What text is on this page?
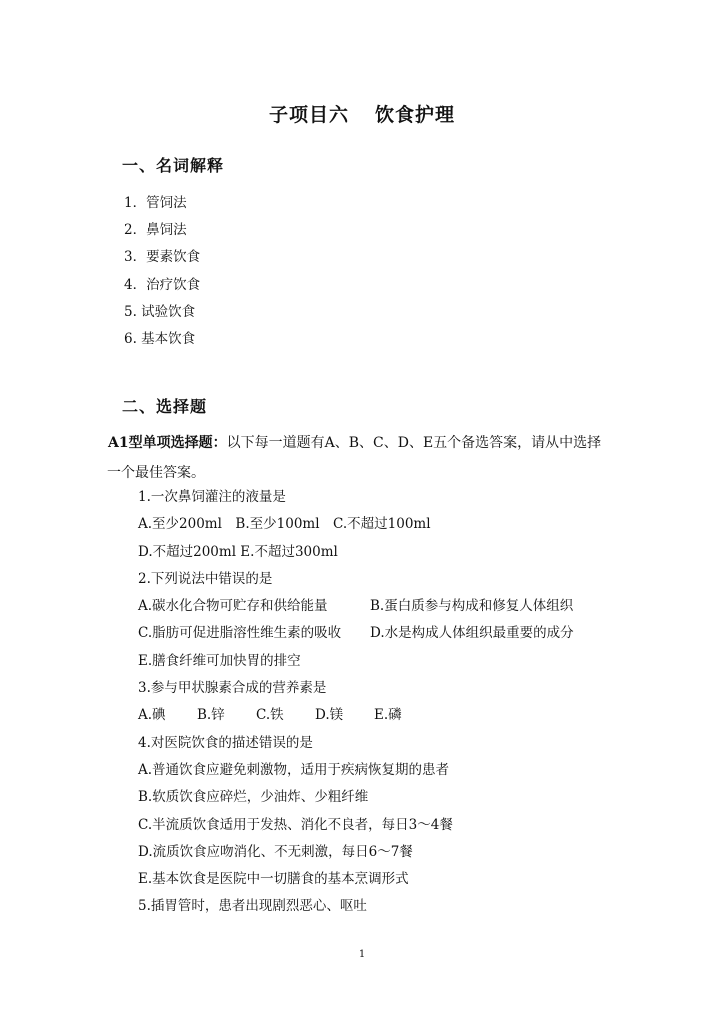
子项目六 饮食护理
一、名词解释
1．管饲法
2．鼻饲法
3．要素饮食
4．治疗饮食
5. 试验饮食
6. 基本饮食
二、选择题
A1型单项选择题：以下每一道题有A、B、C、D、E五个备选答案，请从中选择
一个最佳答案。
1.一次鼻饲灌注的液量是
A.至少200ml　B.至少100ml　C.不超过100ml
D.不超过200ml E.不超过300ml
2.下列说法中错误的是
A.碳水化合物可贮存和供给能量	B.蛋白质参与构成和修复人体组织
C.脂肪可促进脂溶性维生素的吸收 D.水是构成人体组织最重要的成分
E.膳食纤维可加快胃的排空
3.参与甲状腺素合成的营养素是
A.碘 B.锌 C.铁 D.镁 E.磷
4.对医院饮食的描述错误的是
A.普通饮食应避免刺激物，适用于疾病恢复期的患者
B.软质饮食应碎烂，少油炸、少粗纤维
C.半流质饮食适用于发热、消化不良者，每日3～4餐
D.流质饮食应吻消化、不无刺激，每日6～7餐
E.基本饮食是医院中一切膳食的基本烹调形式
5.插胃管时，患者出现剧烈恶心、呕吐
1
